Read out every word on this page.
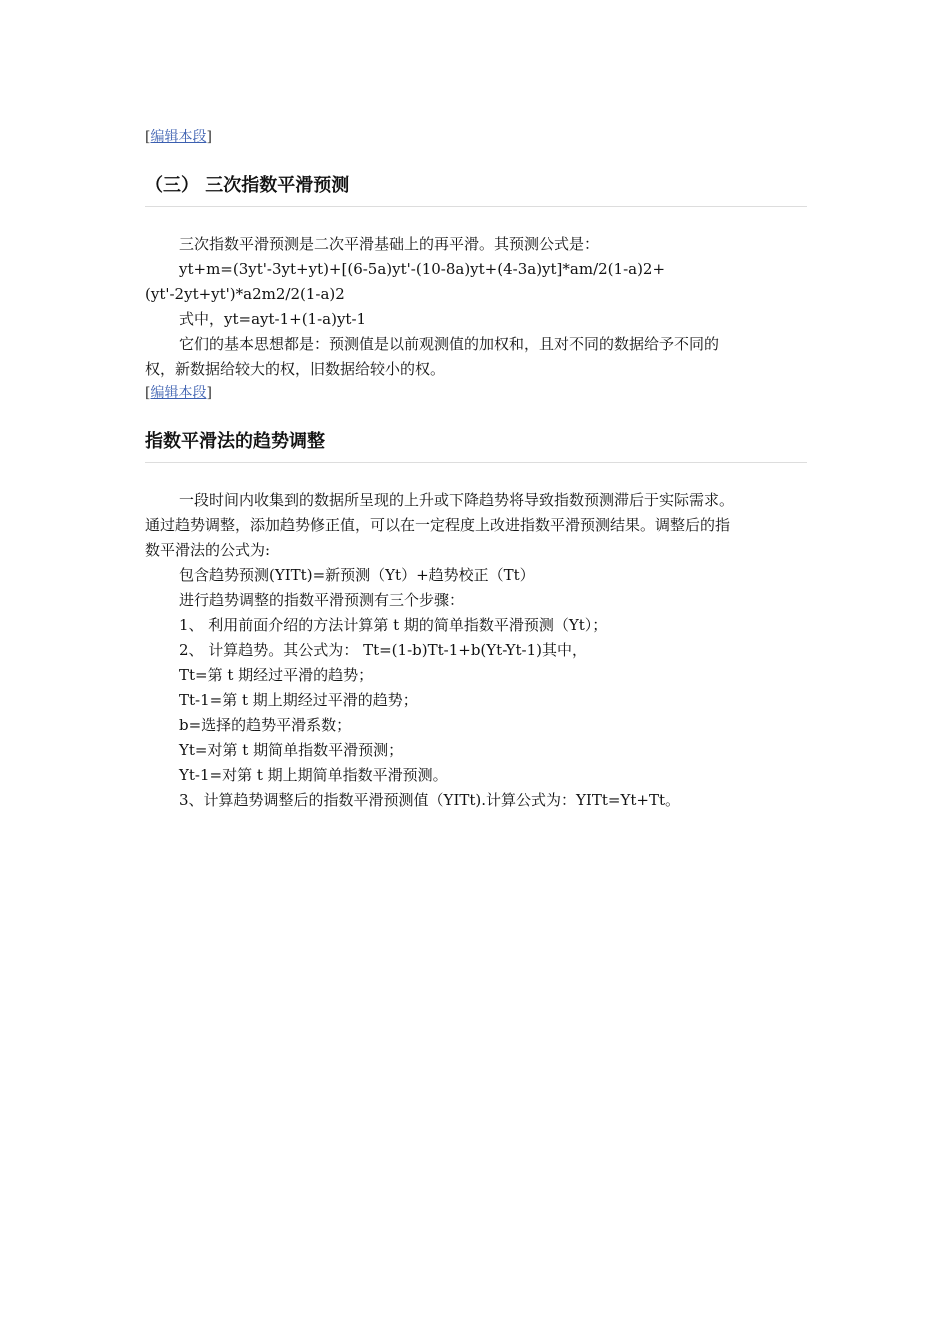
[编辑本段]
（三） 三次指数平滑预测
三次指数平滑预测是二次平滑基础上的再平滑。其预测公式是：
yt+m=(3yt'-3yt+yt)+[(6-5a)yt'-(10-8a)yt+(4-3a)yt]*am/2(1-a)2+
(yt'-2yt+yt')*a2m2/2(1-a)2
式中，yt=ayt-1+(1-a)yt-1
它们的基本思想都是：预测值是以前观测值的加权和，且对不同的数据给予不同的
权，新数据给较大的权，旧数据给较小的权。
[编辑本段]
指数平滑法的趋势调整
一段时间内收集到的数据所呈现的上升或下降趋势将导致指数预测滞后于实际需求。
通过趋势调整，添加趋势修正值，可以在一定程度上改进指数平滑预测结果。调整后的指
数平滑法的公式为:
包含趋势预测(YITt)=新预测（Yt）+趋势校正（Tt）
进行趋势调整的指数平滑预测有三个步骤：
1、 利用前面介绍的方法计算第 t 期的简单指数平滑预测（Yt）；
2、 计算趋势。其公式为： Tt=(1-b)Tt-1+b(Yt-Yt-1)其中，
Tt=第 t 期经过平滑的趋势；
Tt-1=第 t 期上期经过平滑的趋势；
b=选择的趋势平滑系数；
Yt=对第 t 期简单指数平滑预测；
Yt-1=对第 t 期上期简单指数平滑预测。
3、计算趋势调整后的指数平滑预测值（YITt).计算公式为：YITt=Yt+Tt。
